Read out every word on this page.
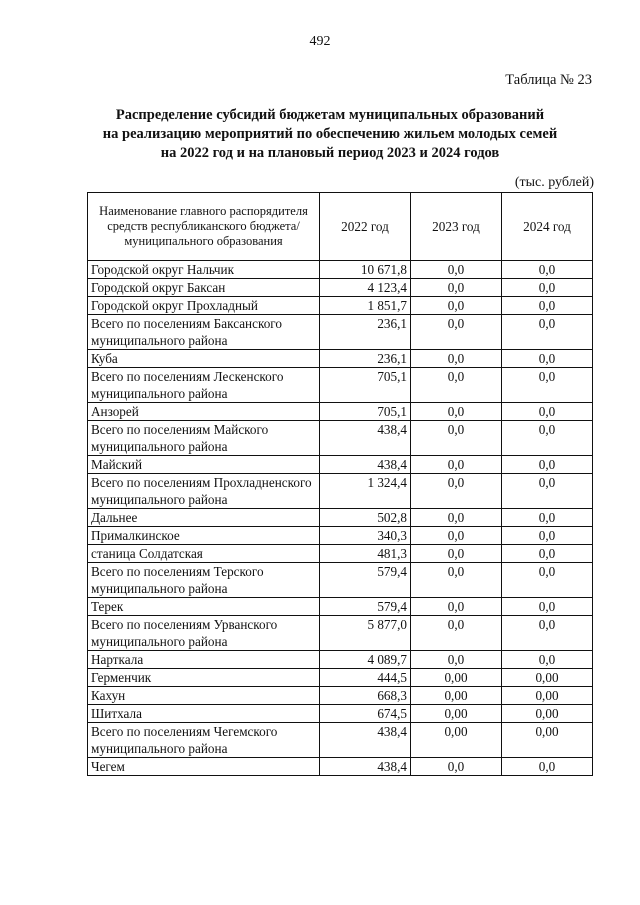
492
Таблица № 23
Распределение субсидий бюджетам муниципальных образований
на реализацию мероприятий по обеспечению жильем молодых семей
на 2022 год и на плановый период 2023 и 2024 годов
(тыс. рублей)
Наименование главного распорядителя средств республиканского бюджета/ муниципального образования	2022 год	2023 год	2024 год
Городской округ Нальчик	10 671,8	0,0	0,0
Городской округ Баксан	4 123,4	0,0	0,0
Городской округ Прохладный	1 851,7	0,0	0,0
Всего по поселениям Баксанского муниципального района	236,1	0,0	0,0
Куба	236,1	0,0	0,0
Всего по поселениям Лескенского муниципального района	705,1	0,0	0,0
Анзорей	705,1	0,0	0,0
Всего по поселениям Майского муниципального района	438,4	0,0	0,0
Майский	438,4	0,0	0,0
Всего по поселениям Прохладненского муниципального района	1 324,4	0,0	0,0
Дальнее	502,8	0,0	0,0
Прималкинское	340,3	0,0	0,0
станица Солдатская	481,3	0,0	0,0
Всего по поселениям Терского муниципального района	579,4	0,0	0,0
Терек	579,4	0,0	0,0
Всего по поселениям Урванского муниципального района	5 877,0	0,0	0,0
Нарткала	4 089,7	0,0	0,0
Герменчик	444,5	0,00	0,00
Кахун	668,3	0,00	0,00
Шитхала	674,5	0,00	0,00
Всего по поселениям Чегемского муниципального района	438,4	0,00	0,00
Чегем	438,4	0,0	0,0
